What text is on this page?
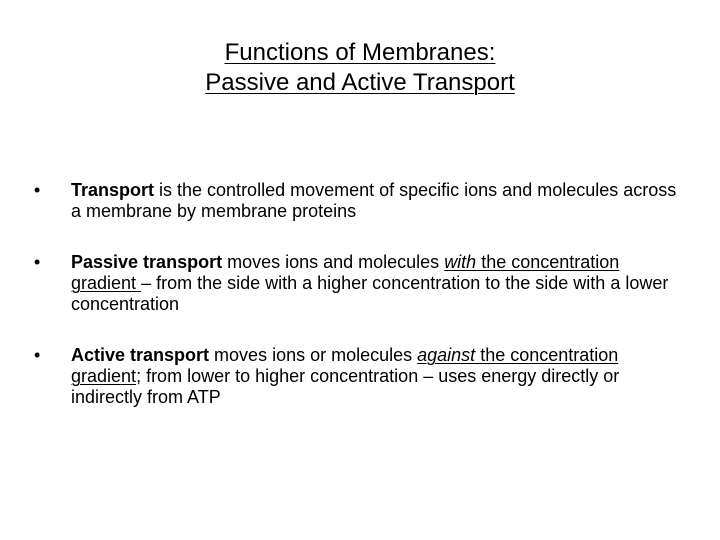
Functions of Membranes:
Passive and Active Transport
•	Transport is the controlled movement of specific ions and molecules across a membrane by membrane proteins
•	Passive transport moves ions and molecules with the concentration gradient – from the side with a higher concentration to the side with a lower concentration
•	Active transport moves ions or molecules against the concentration gradient; from lower to higher concentration – uses energy directly or indirectly from ATP
